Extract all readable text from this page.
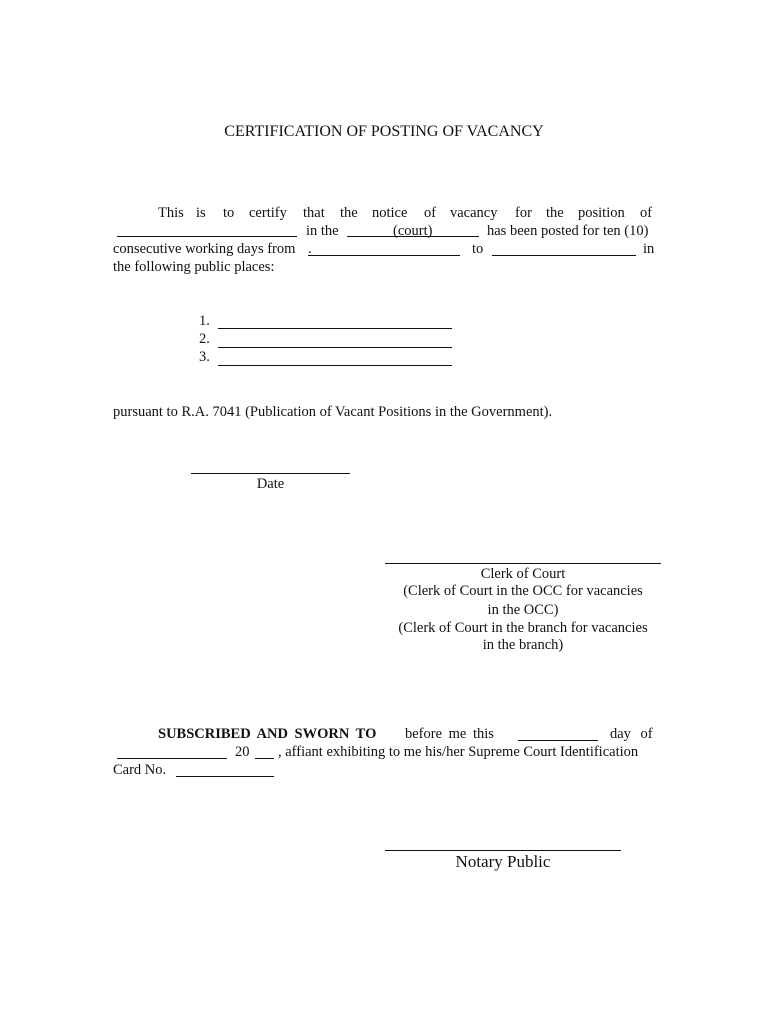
CERTIFICATION OF POSTING OF VACANCY
This is to certify that the notice of vacancy for the position of
in the	(court)	has been posted for ten (10)
consecutive working days from .	to	in
the following public places:
1.
2.
3.
pursuant to R.A. 7041 (Publication of Vacant Positions in the Government).
Date
Clerk of Court
(Clerk of Court in the OCC for vacancies
in the OCC)
(Clerk of Court in the branch for vacancies
in the branch)
SUBSCRIBED AND SWORN TO before me this	day of
20 , affiant exhibiting to me his/her Supreme Court Identification
Card No.
Notary Public
